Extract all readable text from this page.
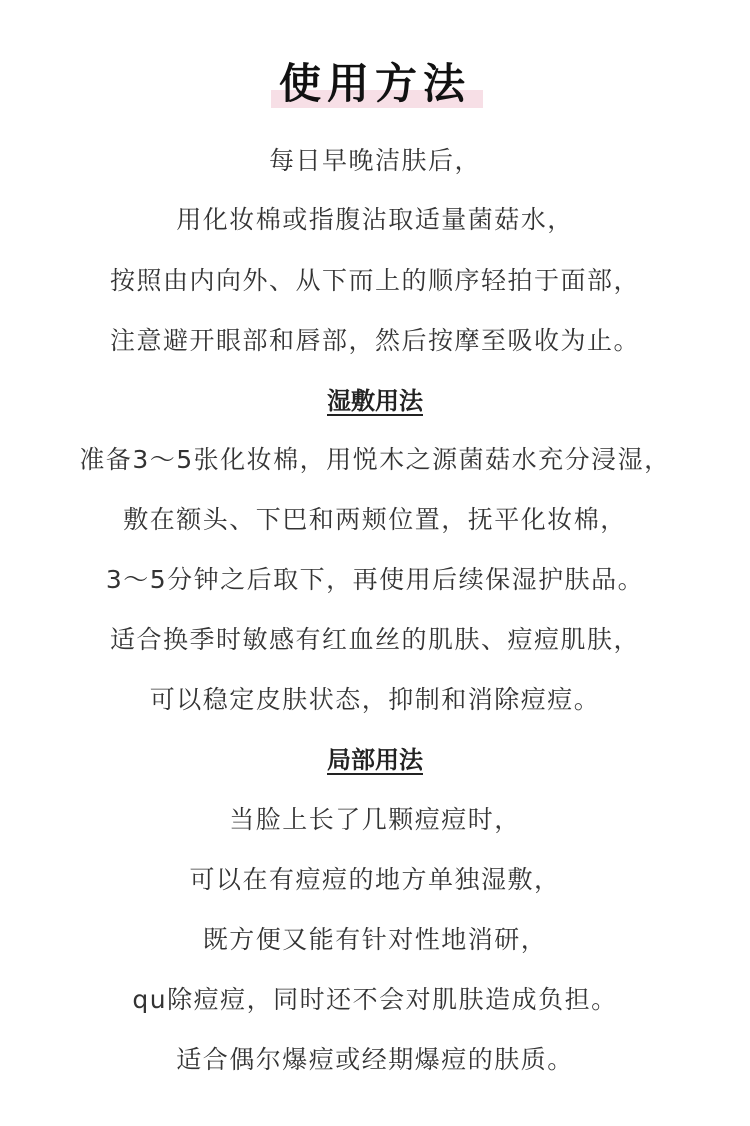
使用方法
每日早晚洁肤后，
用化妆棉或指腹沾取适量菌菇水，
按照由内向外、从下而上的顺序轻拍于面部，
注意避开眼部和唇部，然后按摩至吸收为止。
湿敷用法
准备3～5张化妆棉，用悦木之源菌菇水充分浸湿，
敷在额头、下巴和两颊位置，抚平化妆棉，
3～5分钟之后取下，再使用后续保湿护肤品。
适合换季时敏感有红血丝的肌肤、痘痘肌肤，
可以稳定皮肤状态，抑制和消除痘痘。
局部用法
当脸上长了几颗痘痘时，
可以在有痘痘的地方单独湿敷，
既方便又能有针对性地消研，
qu除痘痘，同时还不会对肌肤造成负担。
适合偶尔爆痘或经期爆痘的肤质。
